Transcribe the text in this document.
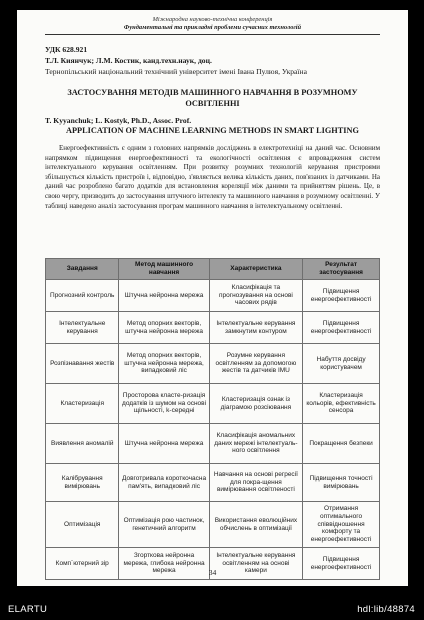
Міжнародна науково-технічна конференція
Фундаментальні та прикладні проблеми сучасних технологій
УДК 628.921
Т.Л. Киянчук; Л.М. Костик, канд.техн.наук, доц.
Тернопільський національний технічний університет імені Івана Пулюя, Україна
ЗАСТОСУВАННЯ МЕТОДІВ МАШИННОГО НАВЧАННЯ В РОЗУМНОМУ ОСВІТЛЕННІ
T. Kyyanchuk; L. Kostyk, Ph.D., Assoc. Prof.
APPLICATION OF MACHINE LEARNING METHODS IN SMART LIGHTING
Енергоефективність є одним з головних напрямків досліджень в електротехніці на даний час. Основним напрямком підвищення енергоефективності та екологічності освітлення є впровадження систем інтелектуального керування освітленням. При розвитку розумних технологій керування пристроями збільшується кількість пристроїв і, відповідно, з'являється велика кількість даних, пов'язаних із датчиками. На даний час розроблено багато додатків для встановлення кореляції між даними та прийняттям рішень. Це, в свою чергу, призводить до застосування штучного інтелекту та машинного навчання в розумному освітленні. У таблиці наведено аналіз застосування програм машинного навчання в інтелектуальному освітленні.
Завдання	Метод машинного навчання	Характеристика	Результат застосування
Прогнозний контроль	Штучна нейронна мережа	Класифікація та прогнозування на основі часових рядів	Підвищення енергоефективності
Інтелектуальне керування	Метод опорних векторів, штучна нейронна мережа	Інтелектуальне керування замкнутим контуром	Підвищення енергоефективності
Розпізнавання жестів	Метод опорних векторів, штучна нейронна мережа, випадковий ліс	Розумне керування освітленням за допомогою жестів та датчиків IMU	Набуття досвіду користувачем
Кластеризація	Просторова класте-ризація додатків із шумом на основі щільності, k-середні	Кластеризація ознак із діаграмою розсіювання	Кластеризація кольорів, ефективність сенсора
Виявлення аномалій	Штучна нейронна мережа	Класифікація аномальних даних мережі інтелектуаль-ного освітлення	Покращення безпеки
Калібрування вимірювань	Довготривала короткочасна пам'ять, випадковий ліс	Навчання на основі регресії для покра-щення вимірювання освітленості	Підвищення точності вимірювань
Оптимізація	Оптимізація рою частинок, генетичний алгоритм	Використання еволюційних обчислень в оптимізації	Отримання оптимального співвідношення комфорту та енергоефективності
Комп`ютерний зір	Згорткова нейронна мережа, глибока нейронна мережа	Інтелектуальне керування освітленням на основі камери	Підвищення енергоефективності
34
ELARTU	hdl:lib/48874
